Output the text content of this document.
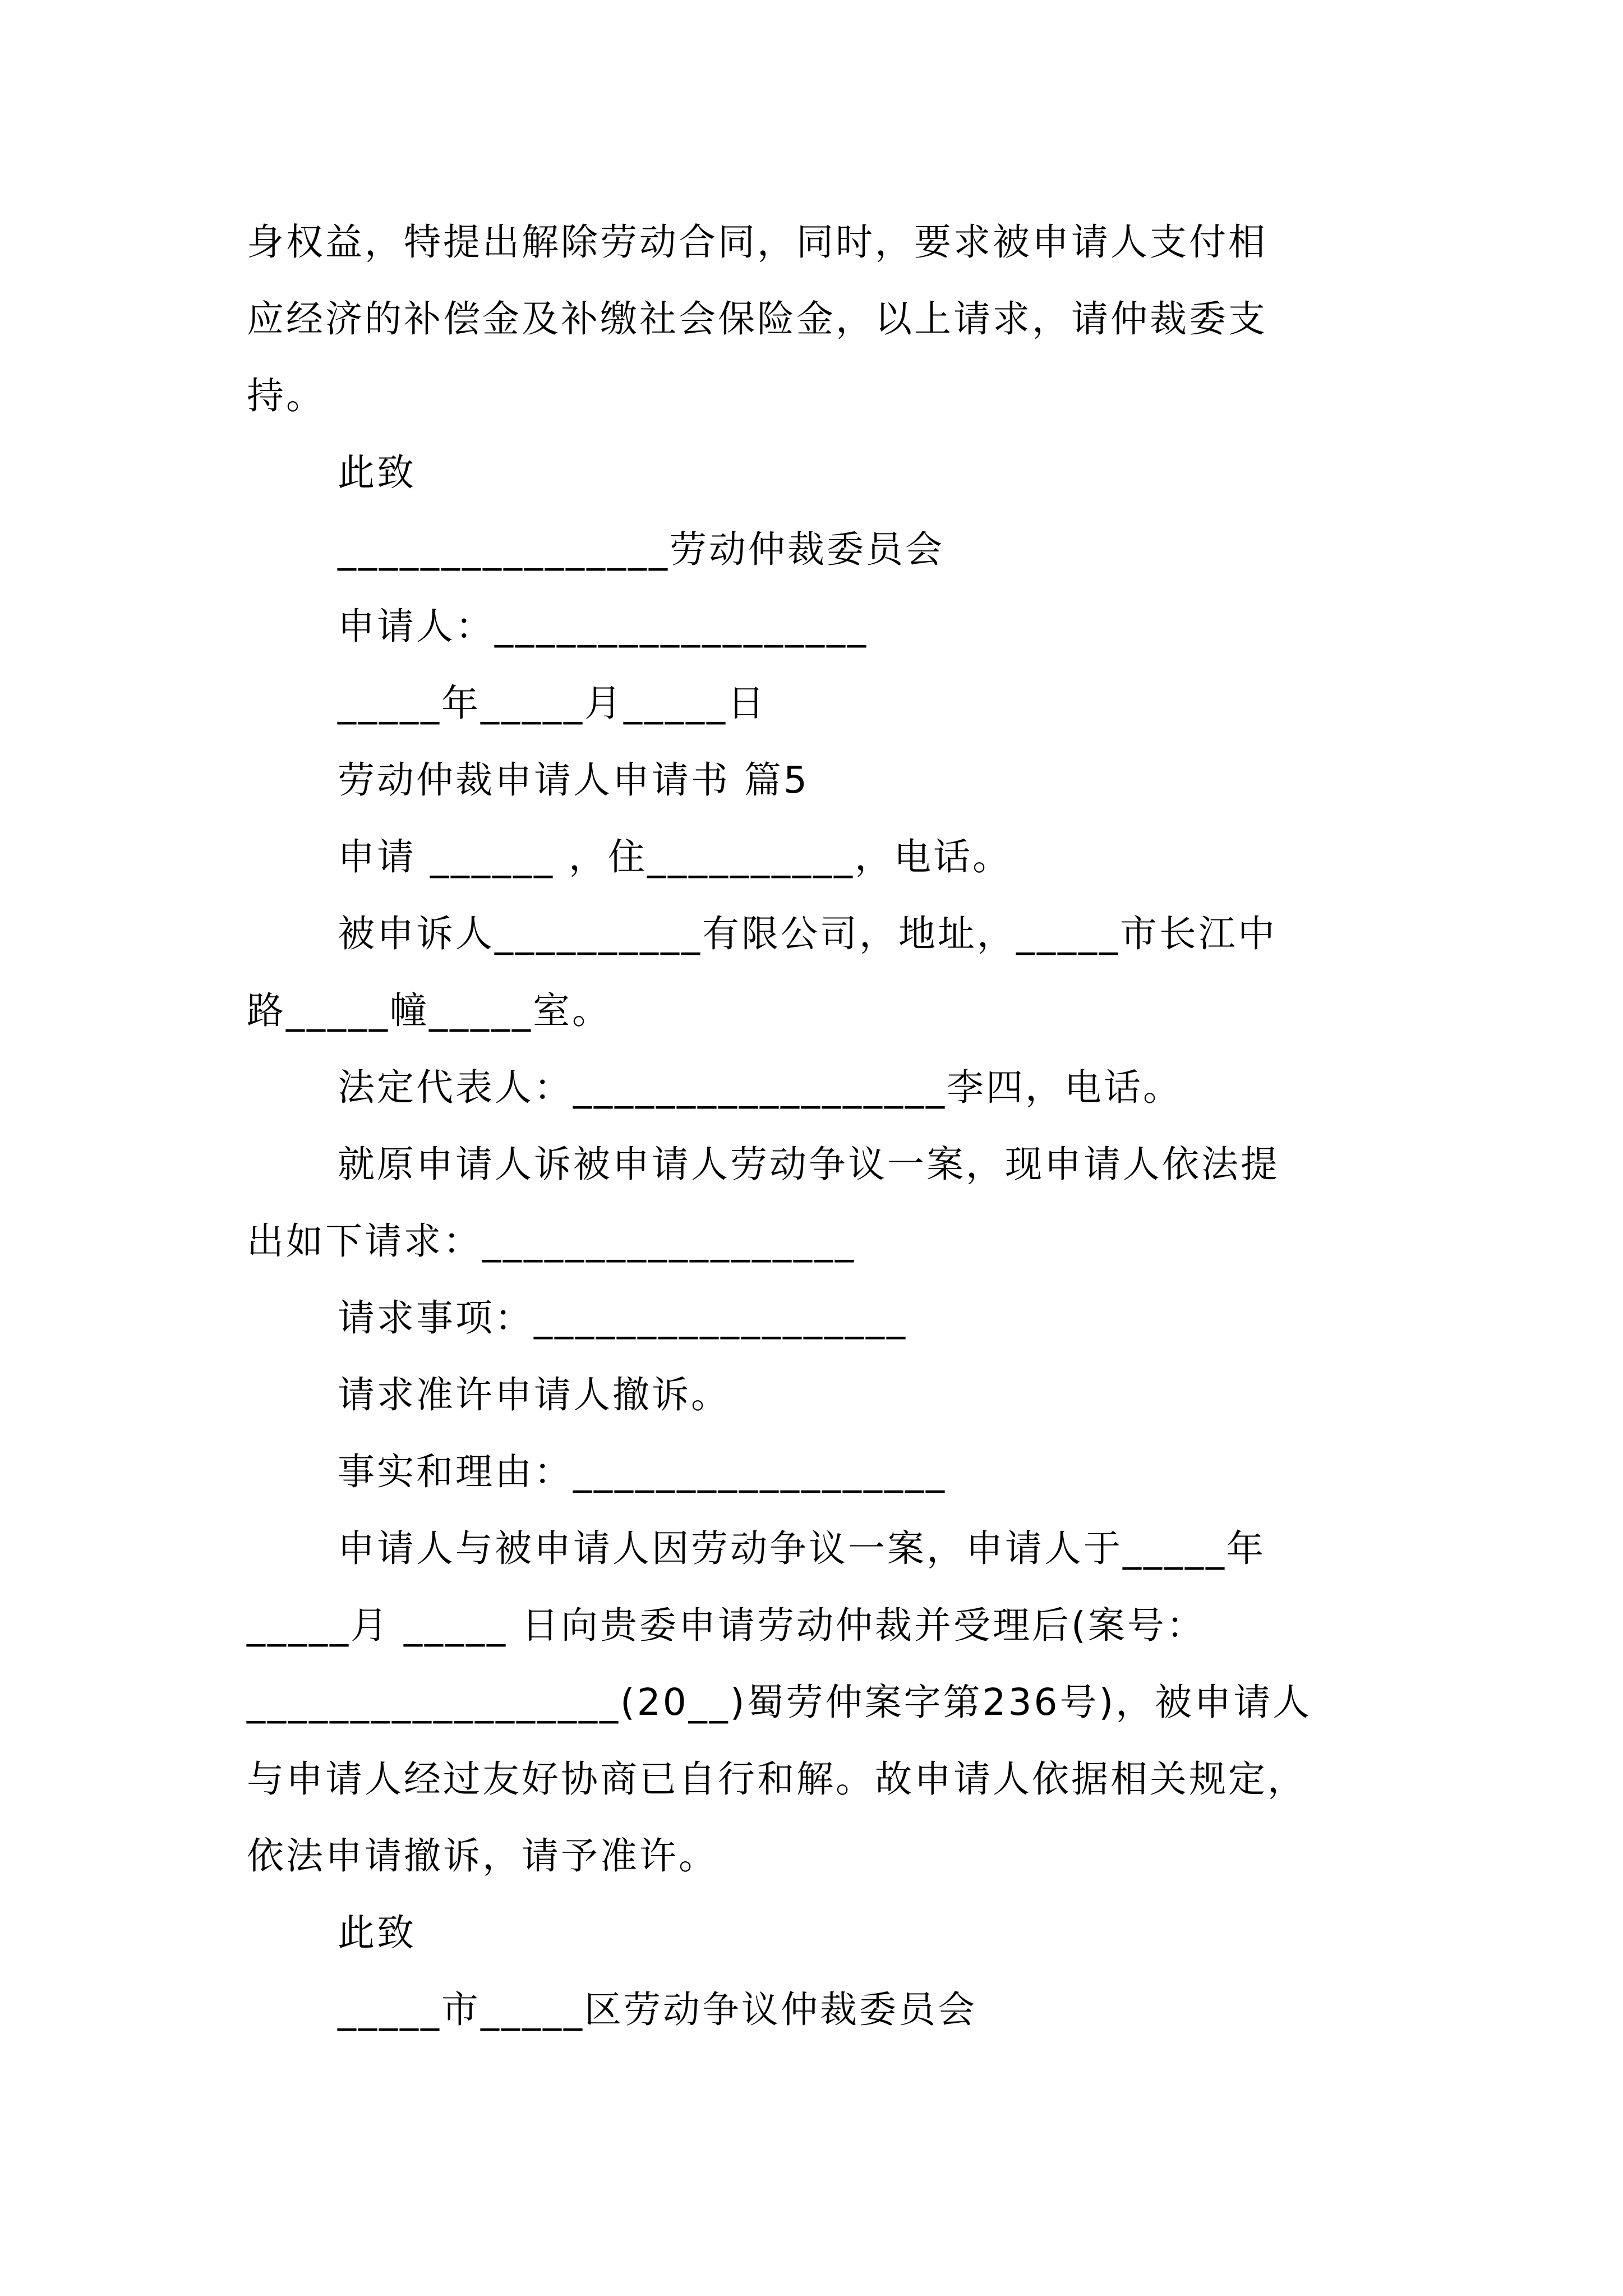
身权益，特提出解除劳动合同，同时，要求被申请人支付相
应经济的补偿金及补缴社会保险金，以上请求，请仲裁委支
持。
此致
________________劳动仲裁委员会
申请人：__________________
_____年_____月_____日
劳动仲裁申请人申请书 篇5
申请 ______ ，住__________，电话。
被申诉人__________有限公司，地址，_____市长江中
路_____幢_____室。
法定代表人：__________________李四，电话。
就原申请人诉被申请人劳动争议一案，现申请人依法提
出如下请求：__________________
请求事项：__________________
请求准许申请人撤诉。
事实和理由：__________________
申请人与被申请人因劳动争议一案，申请人于_____年
_____月 _____ 日向贵委申请劳动仲裁并受理后(案号：
__________________(20__)蜀劳仲案字第236号)，被申请人
与申请人经过友好协商已自行和解。故申请人依据相关规定，
依法申请撤诉，请予准许。
此致
_____市_____区劳动争议仲裁委员会
